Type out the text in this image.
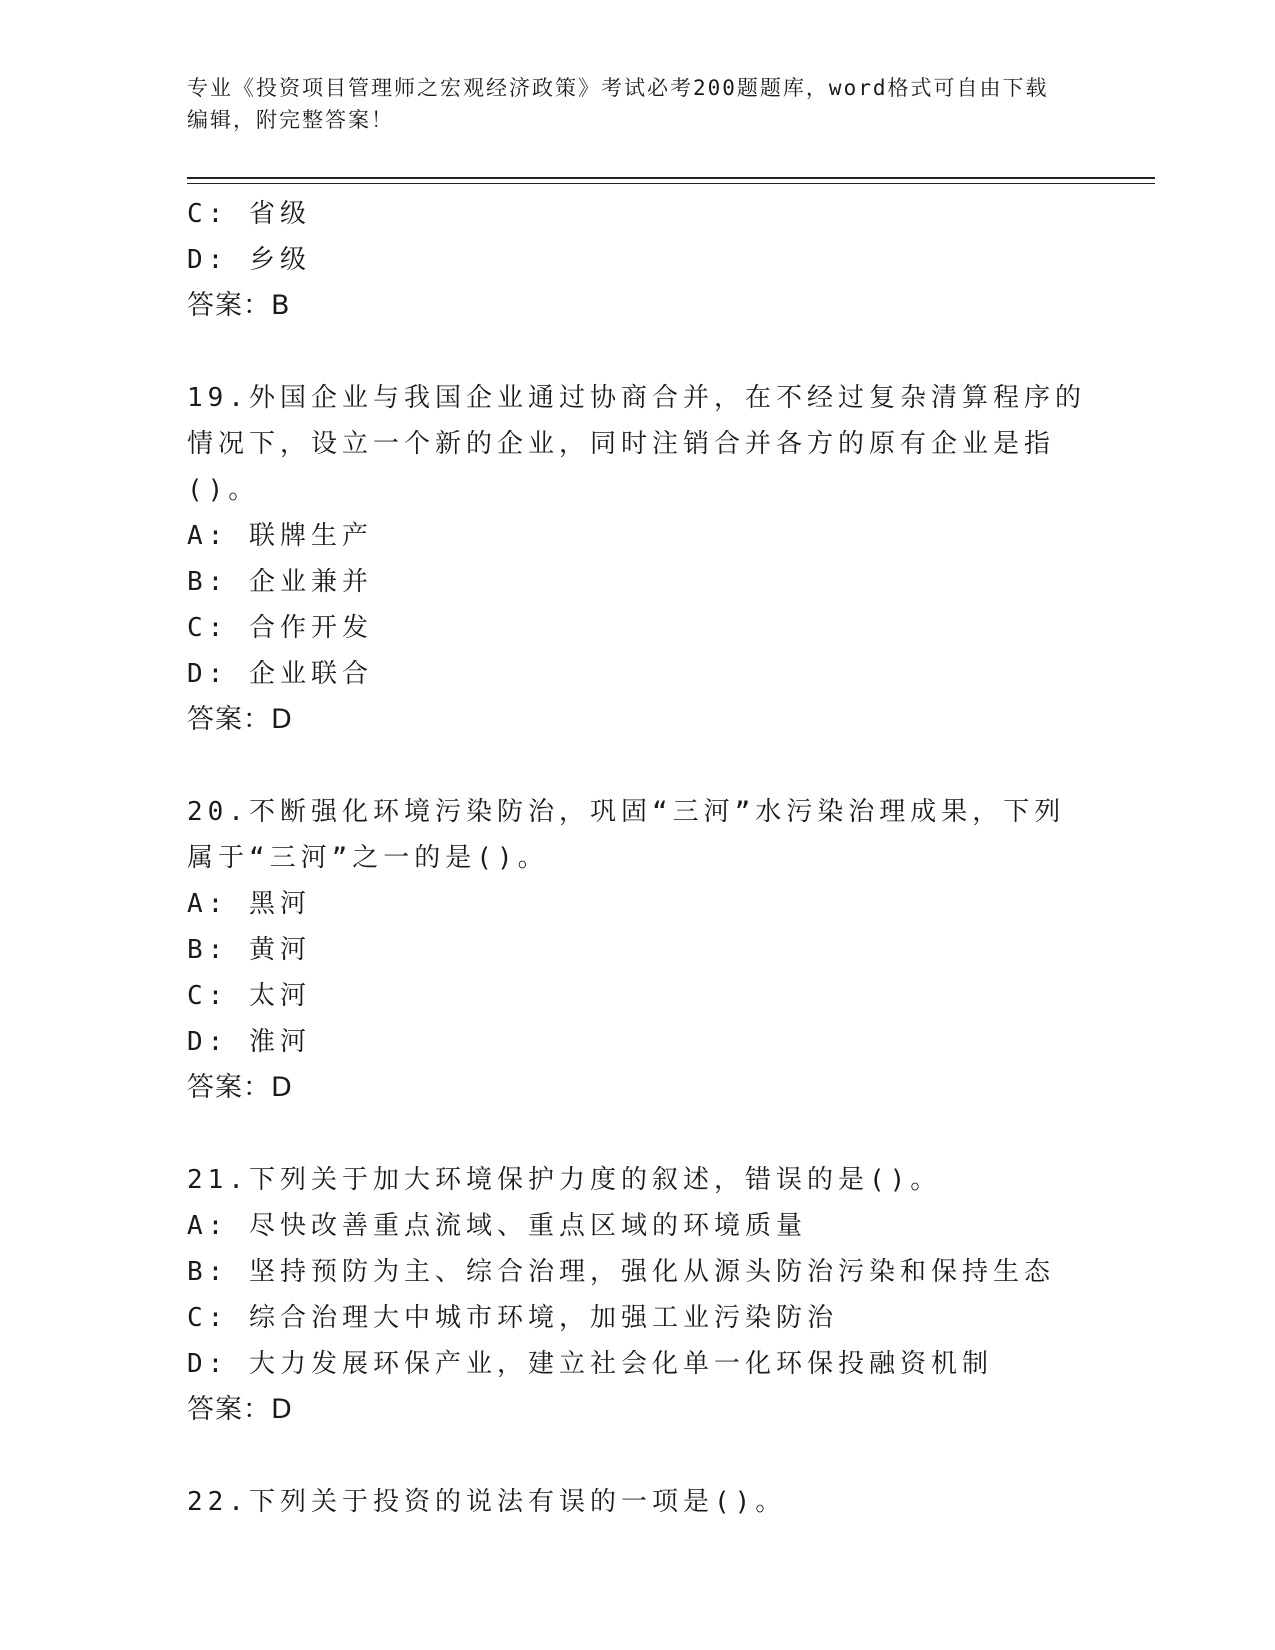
专业《投资项目管理师之宏观经济政策》考试必考200题题库，word格式可自由下载编辑，附完整答案！
C: 省级
D: 乡级
答案：B
19.外国企业与我国企业通过协商合并，在不经过复杂清算程序的情况下，设立一个新的企业，同时注销合并各方的原有企业是指()。
A: 联牌生产
B: 企业兼并
C: 合作开发
D: 企业联合
答案：D
20.不断强化环境污染防治，巩固“三河”水污染治理成果，下列属于“三河”之一的是()。
A: 黑河
B: 黄河
C: 太河
D: 淮河
答案：D
21.下列关于加大环境保护力度的叙述，错误的是()。
A: 尽快改善重点流域、重点区域的环境质量
B: 坚持预防为主、综合治理，强化从源头防治污染和保持生态
C: 综合治理大中城市环境，加强工业污染防治
D: 大力发展环保产业，建立社会化单一化环保投融资机制
答案：D
22.下列关于投资的说法有误的一项是()。
